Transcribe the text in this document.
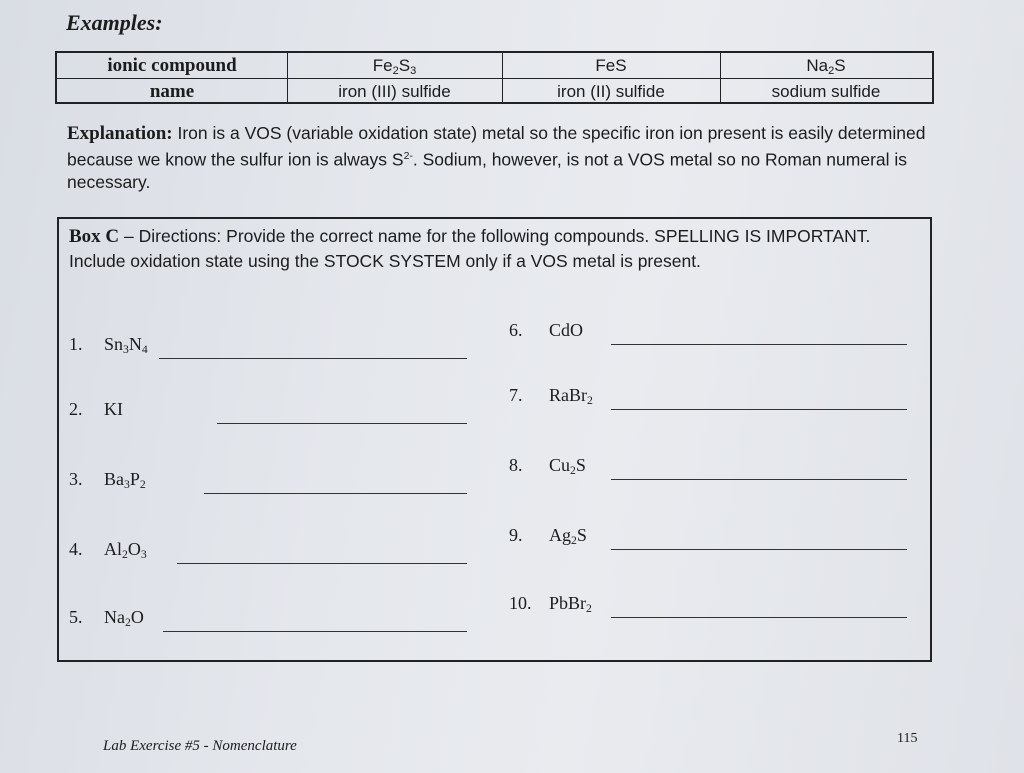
Examples:
ionic compound	$Fe_2S_3$	FeS	$Na_2S$
name	iron (III) sulfide	iron (II) sulfide	sodium sulfide
Explanation: Iron is a VOS (variable oxidation state) metal so the specific iron ion present is easily determined because we know the sulfur ion is always $S^{2-}$. Sodium, however, is not a VOS metal so no Roman numeral is necessary.
Box C – Directions: Provide the correct name for the following compounds. SPELLING IS IMPORTANT. Include oxidation state using the STOCK SYSTEM only if a VOS metal is present.
1. $Sn_3N_4$
2. KI
3. $Ba_3P_2$
4. $Al_2O_3$
5. $Na_2O$
6. CdO
7. RaBr$_2$
8. $Cu_2S$
9. $Ag_2S$
10. PbBr$_2$
Lab Exercise #5 - Nomenclature	115
